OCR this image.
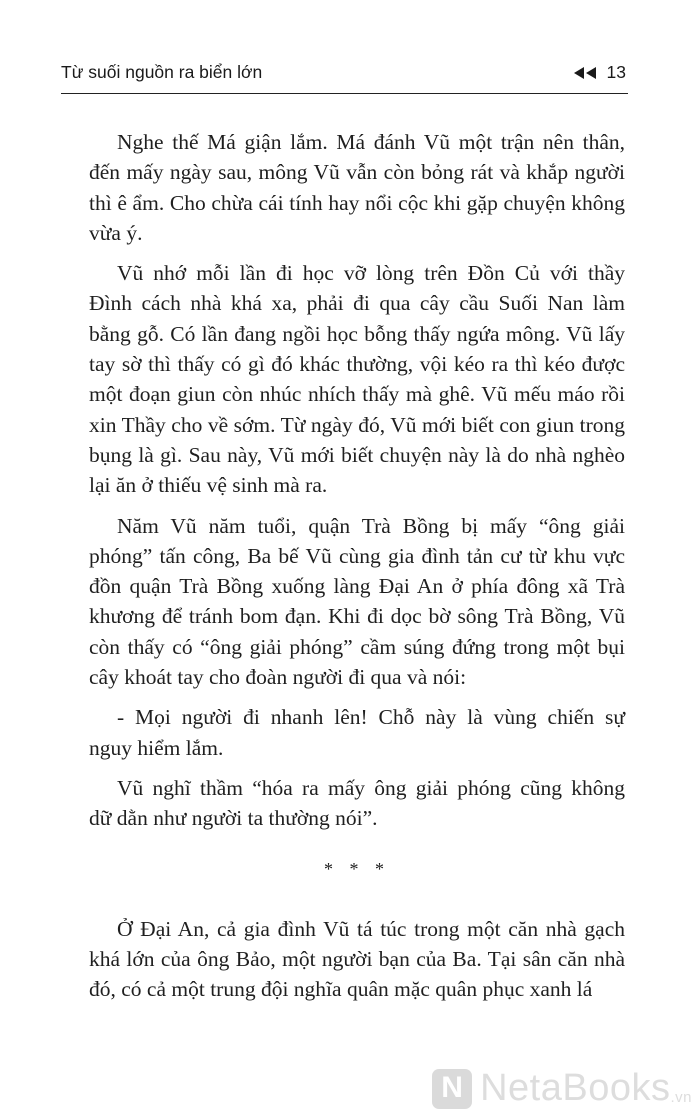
Từ suối nguồn ra biển lớn	13

Nghe thế Má giận lắm. Má đánh Vũ một trận nên thân,
đến mấy ngày sau, mông Vũ vẫn còn bỏng rát và khắp người
thì ê ẩm. Cho chừa cái tính hay nổi cộc khi gặp chuyện không
vừa ý.

Vũ nhớ mỗi lần đi học vỡ lòng trên Đồn Củ với thầy
Đình cách nhà khá xa, phải đi qua cây cầu Suối Nan làm
bằng gỗ. Có lần đang ngồi học bỗng thấy ngứa mông. Vũ lấy
tay sờ thì thấy có gì đó khác thường, vội kéo ra thì kéo được
một đoạn giun còn nhúc nhích thấy mà ghê. Vũ mếu máo rồi
xin Thầy cho về sớm. Từ ngày đó, Vũ mới biết con giun trong
bụng là gì. Sau này, Vũ mới biết chuyện này là do nhà nghèo
lại ăn ở thiếu vệ sinh mà ra.

Năm Vũ năm tuổi, quận Trà Bồng bị mấy “ông giải
phóng” tấn công, Ba bế Vũ cùng gia đình tản cư từ khu vực
đồn quận Trà Bồng xuống làng Đại An ở phía đông xã Trà
khương để tránh bom đạn. Khi đi dọc bờ sông Trà Bồng, Vũ
còn thấy có “ông giải phóng” cầm súng đứng trong một bụi
cây khoát tay cho đoàn người đi qua và nói:

- Mọi người đi nhanh lên! Chỗ này là vùng chiến sự
nguy hiểm lắm.

Vũ nghĩ thầm “hóa ra mấy ông giải phóng cũng không
dữ dằn như người ta thường nói”.

* * *

Ở Đại An, cả gia đình Vũ tá túc trong một căn nhà gạch
khá lớn của ông Bảo, một người bạn của Ba. Tại sân căn nhà
đó, có cả một trung đội nghĩa quân mặc quân phục xanh lá

N NetaBooks.vn
